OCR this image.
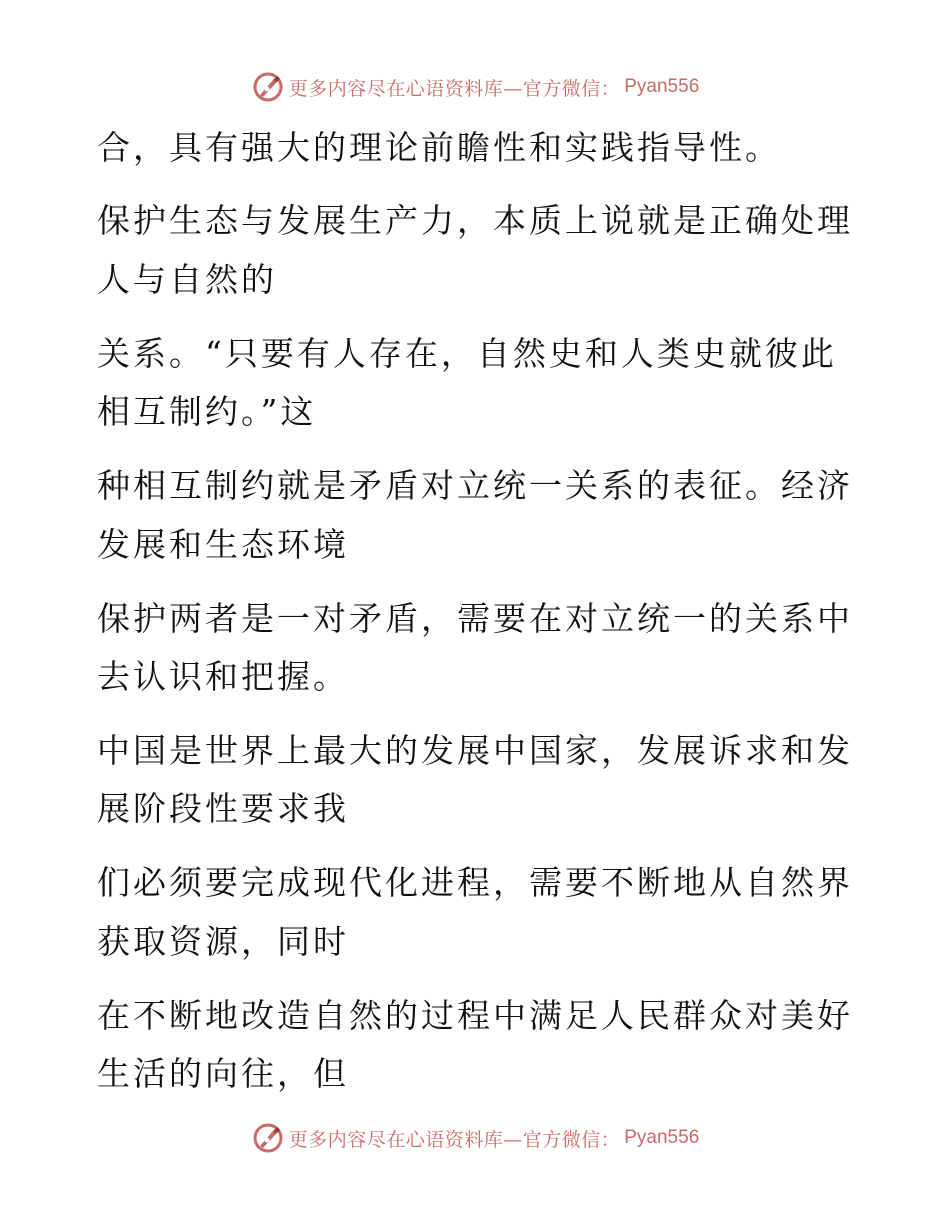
更多内容尽在心语资料库—官方微信： Pyan556
合，具有强大的理论前瞻性和实践指导性。
保护生态与发展生产力，本质上说就是正确处理
人与自然的
关系。“只要有人存在，自然史和人类史就彼此
相互制约。”这
种相互制约就是矛盾对立统一关系的表征。经济
发展和生态环境
保护两者是一对矛盾，需要在对立统一的关系中
去认识和把握。
中国是世界上最大的发展中国家，发展诉求和发
展阶段性要求我
们必须要完成现代化进程，需要不断地从自然界
获取资源，同时
在不断地改造自然的过程中满足人民群众对美好
生活的向往，但
更多内容尽在心语资料库—官方微信： Pyan556
